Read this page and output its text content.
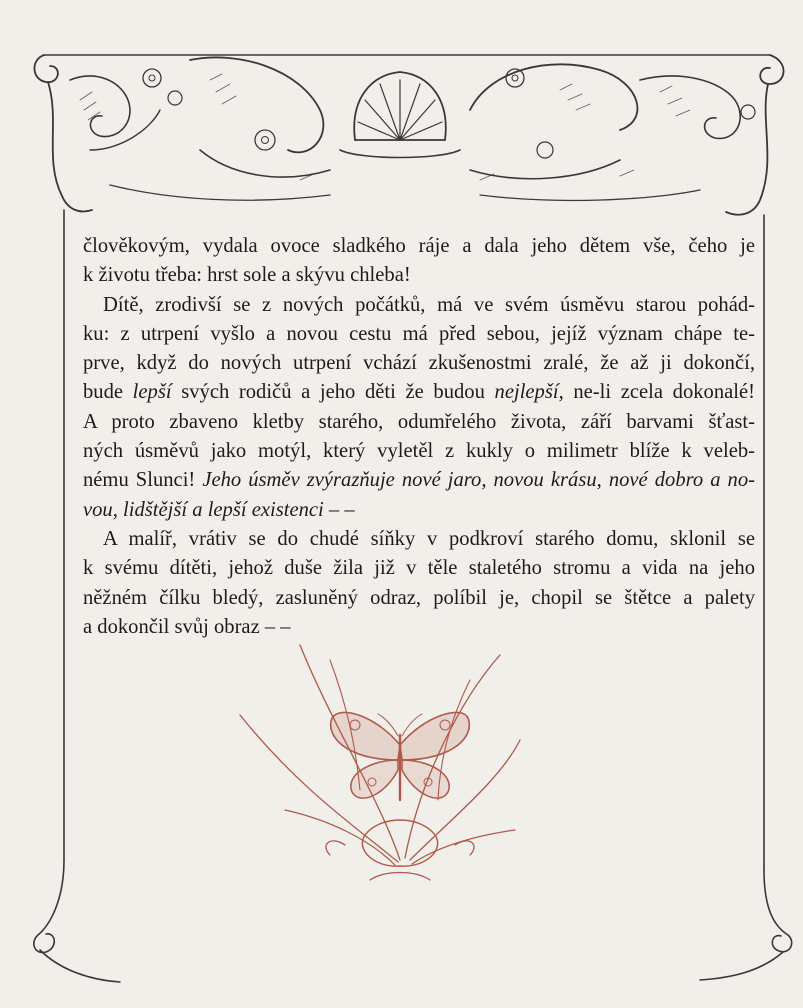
člověkovým, vydala ovoce sladkého ráje a dala jeho dětem vše, čeho je
k životu třeba: hrst sole a skývu chleba!
Dítě, zrodivší se z nových počátků, má ve svém úsměvu starou pohád-
ku: z utrpení vyšlo a novou cestu má před sebou, jejíž význam chápe te-
prve, když do nových utrpení vchází zkušenostmi zralé, že až ji dokončí,
bude lepší svých rodičů a jeho děti že budou nejlepší, ne-li zcela dokonalé!
A proto zbaveno kletby starého, odumřelého života, září barvami šťast-
ných úsměvů jako motýl, který vyletěl z kukly o milimetr blíže k veleb-
nému Slunci! Jeho úsměv zvýrazňuje nové jaro, novou krásu, nové dobro a no-
vou, lidštější a lepší existenci – –
A malíř, vrátiv se do chudé síňky v podkroví starého domu, sklonil se
k svému dítěti, jehož duše žila již v těle staletého stromu a vida na jeho
něžném čílku bledý, zasluněný odraz, políbil je, chopil se štětce a palety
a dokončil svůj obraz – –
